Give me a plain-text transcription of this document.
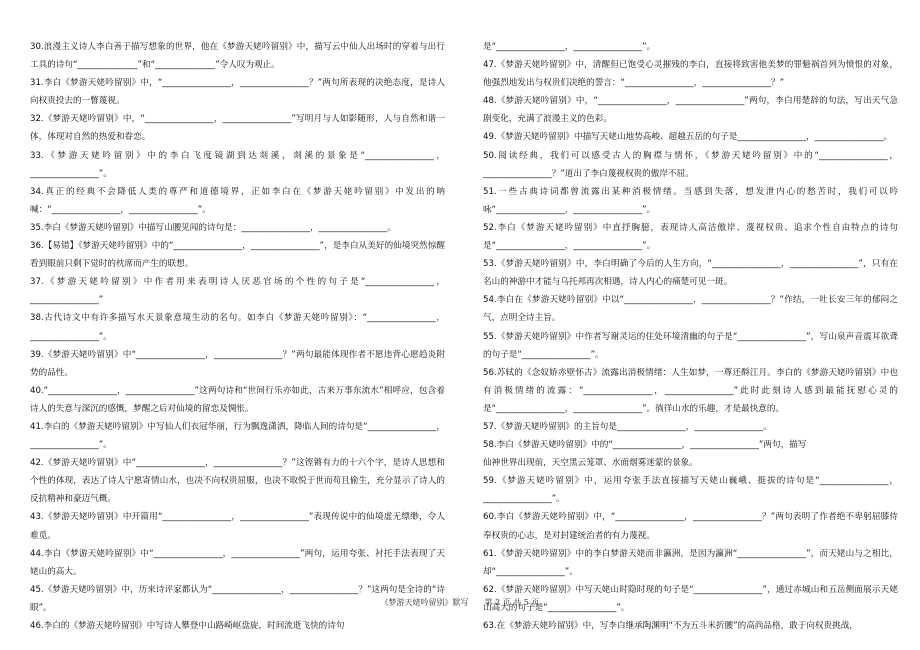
30.浪漫主义诗人李白善于描写想象的世界，他在《梦游天姥吟留别》中，描写云中仙人出场时的穿着与出行工具的诗句“______________”和“______________”令人叹为观止。
31.李白《梦游天姥吟留别》中，“________________，________________？”两句所表现的决绝态度，是诗人向权贵投去的一瞥蔑视。
32.《梦游天姥吟留别》中，“________________，________________”写明月与人如影随形，人与自然和谐一体，体现对自然的热爱和眷恋。
33.《梦游天姥吟留别》中的李白飞度镜湖到达剡溪，剡溪的景象是“________________，________________”。
34.真正的经典不会降低人类的尊严和道德境界，正如李白在《梦游天姥吟留别》中发出的呐喊：“________________，________________”。
35.李白《梦游天姥吟留别》中描写山腰见闻的诗句是：________________，________________。
36.【易错】《梦游天姥吟留别》中的“________________，________________”，是李白从美好的仙境突然惊醒看到眼前只剩下觉时的枕席而产生的联想。
37.《梦游天姥吟留别》中作者用来表明诗人厌恶官场的个性的句子是“________________，________________”
38.古代诗文中有许多描写水天景象意境生动的名句。如李白《梦游天姥吟留别》：“________________，________________”。
39.《梦游天姥吟留别》中“________________，________________？”两句最能体现作者不愿违背心愿趋炎附势的品性。
40.“________________，________________”这两句诗和“世间行乐亦如此，古来万事东流水”相呼应，包含着诗人的失意与深沉的感慨，梦醒之后对仙境的留恋及惆怅。
41.李白的《梦游天姥吟留别》中写仙人们衣冠华丽，行为飘逸潇洒，降临人间的诗句是“________________，________________”。
42.《梦游天姥吟留别》中“________________，________________？”这铿锵有力的十六个字，是诗人思想和个性的体现，表达了诗人宁愿寄情山水，也决不向权贵屈服，也决不取悦于世而苟且偷生，充分显示了诗人的反抗精神和豪迈气概。
43.《梦游天姥吟留别》中开篇用“________________，________________”表现传说中的仙境虚无缥缈，令人难觅。
44.李白《梦游天姥吟留别》中“________________，________________”两句，运用夸张、衬托手法表现了天姥山的高大。
45.《梦游天姥吟留别》中，历来诗评家都认为“________________，________________？”这两句是全诗的“诗眼”。
46.李白的《梦游天姥吟留别》中写诗人攀登中山路崎岖盘旋，时间流逝飞快的诗句
是“________________，________________”。
47.《梦游天姥吟留别》中，清醒但已饱受心灵摧残的李白，直接将致害他美梦的罪魁祸首列为愤恨的对象，他强烈地发出与权贵们决绝的誓言：“________________，________________？”
48.《梦游天姥吟留别》中，“________________，________________”两句，李白用楚辞的句法，写出天气急剧变化，充满了浪漫主义的色彩。
49.《梦游天姥吟留别》中描写天姥山地势高峻、超越五岳的句子是________________，________________。
50.阅读经典，我们可以感受古人的胸襟与情怀，《梦游天姥吟留别》中的“________________，________________？”道出了李白蔑视权贵的傲岸不屈。
51.一些古典诗词都曾流露出某种消极情绪。当感到失落，想发泄内心的愁苦时，我们可以吟咏“________________，________________”。
52.李白《梦游天姥吟留别》中直抒胸臆，表现诗人高洁傲岸、蔑视权贵、追求个性自由特点的诗句是“________________，________________”。
53.《梦游天姥吟留别》中，李白明确了今后的人生方向，“________________，________________”，只有在名山的神游中才能与乌托邦再次相遇，诗人内心的痛楚可见一斑。
54.李白在《梦游天姥吟留别》中以“________________，________________？”作结，一吐长安三年的郁闷之气，点明全诗主旨。
55.《梦游天姥吟留别》中作者写谢灵运的住处环境清幽的句子是“________________”，写山泉声音震耳欲聋的句子是“________________”。
56.苏轼的《念奴娇赤壁怀古》流露出消极情绪：人生如梦，一尊还酹江月。李白的《梦游天姥吟留别》中也有消极情绪的流露：“________________，________________”此时此刻诗人感到最能抚慰心灵的是“________________，________________”。徜徉山水的乐趣，才是最快意的。
57.《梦游天姥吟留别》的主旨句是________________，________________。
58.李白《梦游天姥吟留别》中的“________________，________________”两句，描写
仙神世界出现前，天空黑云笼罩、水面烟雾迷蒙的景象。
59.《梦游天姥吟留别》中，运用夸张手法直接描写天姥山巍峨、挺拔的诗句是“________________，________________”。
60.李白《梦游天姥吟留别》中，“________________，________________？”两句表明了作者绝不卑躬屈膝侍奉权贵的心志，是对封建统治者的有力蔑视。
61.《梦游天姥吟留别》中的李白梦游天姥而非瀛洲，是因为瀛洲“________________”，而天姥山与之相比，却“________________”。
62.《梦游天姥吟留别》中写天姥山时隐时现的句子是“________________”，通过赤城山和五岳侧面展示天姥山高大的句子是“________________”。
63.在《梦游天姥吟留别》中，写李白继承陶渊明“不为五斗米折腰”的高尚品格，敢于向权贵挑战，
《梦游天姥吟留别》默写　　第 2 页 共 5 页
